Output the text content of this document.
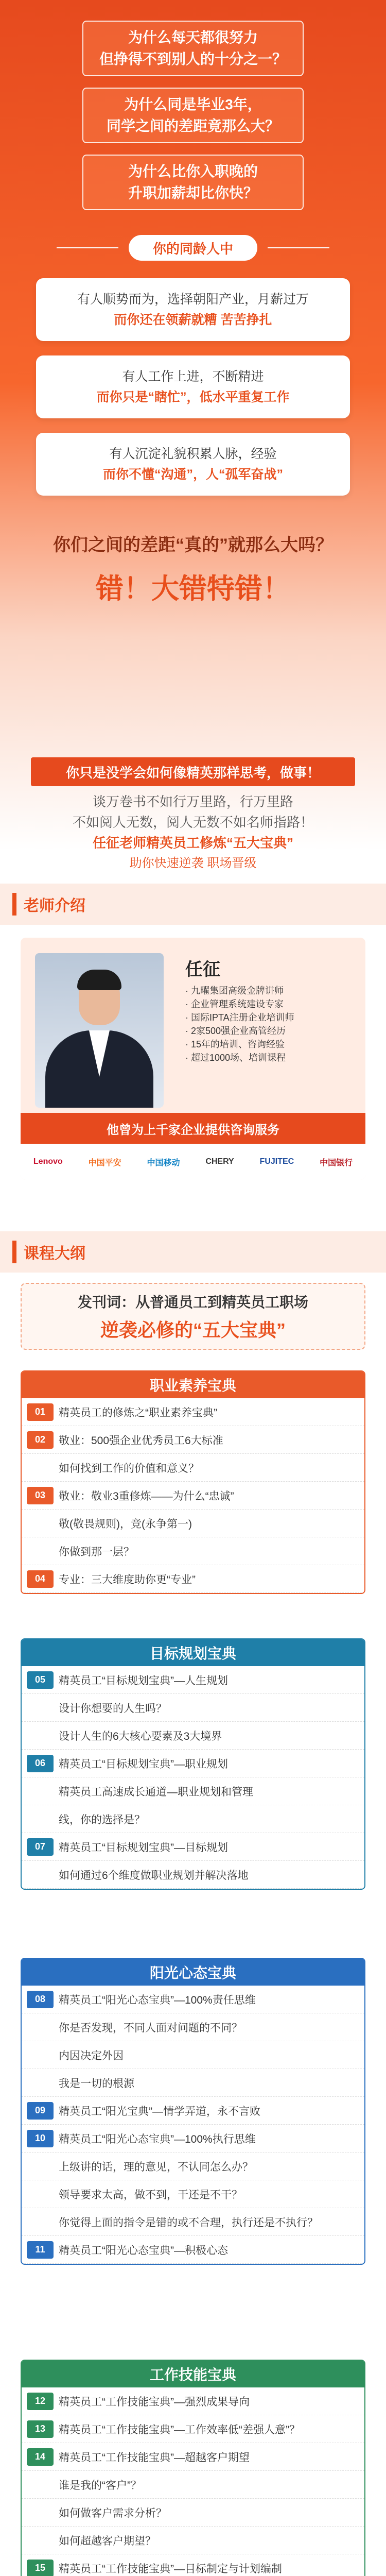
为什么每天都很努力
但挣得不到别人的十分之一？
为什么同是毕业3年，
同学之间的差距竟那么大？
为什么比你入职晚的
升职加薪却比你快？
你的同龄人中
有人顺势而为，选择朝阳产业，月薪过万
而你还在领薪就糟 苦苦挣扎
有人工作上进，不断精进
而你只是“瞎忙”，低水平重复工作
有人沉淀礼貌积累人脉，经验
而你不懂“沟通”，人“孤军奋战”
你们之间的差距“真的”就那么大吗？
错！大错特错！
你只是没学会如何像精英那样思考，做事！
谈万卷书不如行万里路，行万里路
不如阅人无数，阅人无数不如名师指路！
任征老师精英员工修炼“五大宝典”
助你快速逆袭 职场晋级
老师介绍
任征
· 九曜集团高级金牌讲师
· 企业管理系统建设专家
· 国际IPTA注册企业培训师
· 2家500强企业高管经历
· 15年的培训、咨询经验
· 超过1000场、培训课程
他曾为上千家企业提供咨询服务
Lenovo	中国平安	中国移动	CHERY	FUJITEC	中国银行
课程大纲
发刊词：从普通员工到精英员工职场
逆袭必修的“五大宝典”
职业素养宝典
01	精英员工的修炼之“职业素养宝典”
02	敬业：500强企业优秀员工6大标准
如何找到工作的价值和意义？
03	敬业：敬业3重修炼——为什么“忠诚”
敬(敬畏规则)，竞(永争第一)
你做到那一层？
04	专业：三大维度助你更“专业”
目标规划宝典
05	精英员工“目标规划宝典”—人生规划
设计你想要的人生吗？
设计人生的6大核心要素及3大境界
06	精英员工“目标规划宝典”—职业规划
精英员工高速成长通道—职业规划和管理
线，你的选择是？
07	精英员工“目标规划宝典”—目标规划
如何通过6个维度做职业规划并解决落地
阳光心态宝典
08	精英员工“阳光心态宝典”—100%责任思维
你是否发现，不同人面对问题的不同？
内因决定外因
我是一切的根源
09	精英员工“阳光宝典”—情学弄道，永不言败
10	精英员工“阳光心态宝典”—100%执行思维
上级讲的话，理的意见，不认同怎么办？
领导要求太高，做不到，干还是不干？
你觉得上面的指令是错的或不合理，执行还是不执行？
11	精英员工“阳光心态宝典”—积极心态
工作技能宝典
12	精英员工“工作技能宝典”—强烈成果导向
13	精英员工“工作技能宝典”—工作效率低“差强人意”？
14	精英员工“工作技能宝典”—超越客户期望
谁是我的“客户”？
如何做客户需求分析？
如何超越客户期望？
15	精英员工“工作技能宝典”—目标制定与计划编制
